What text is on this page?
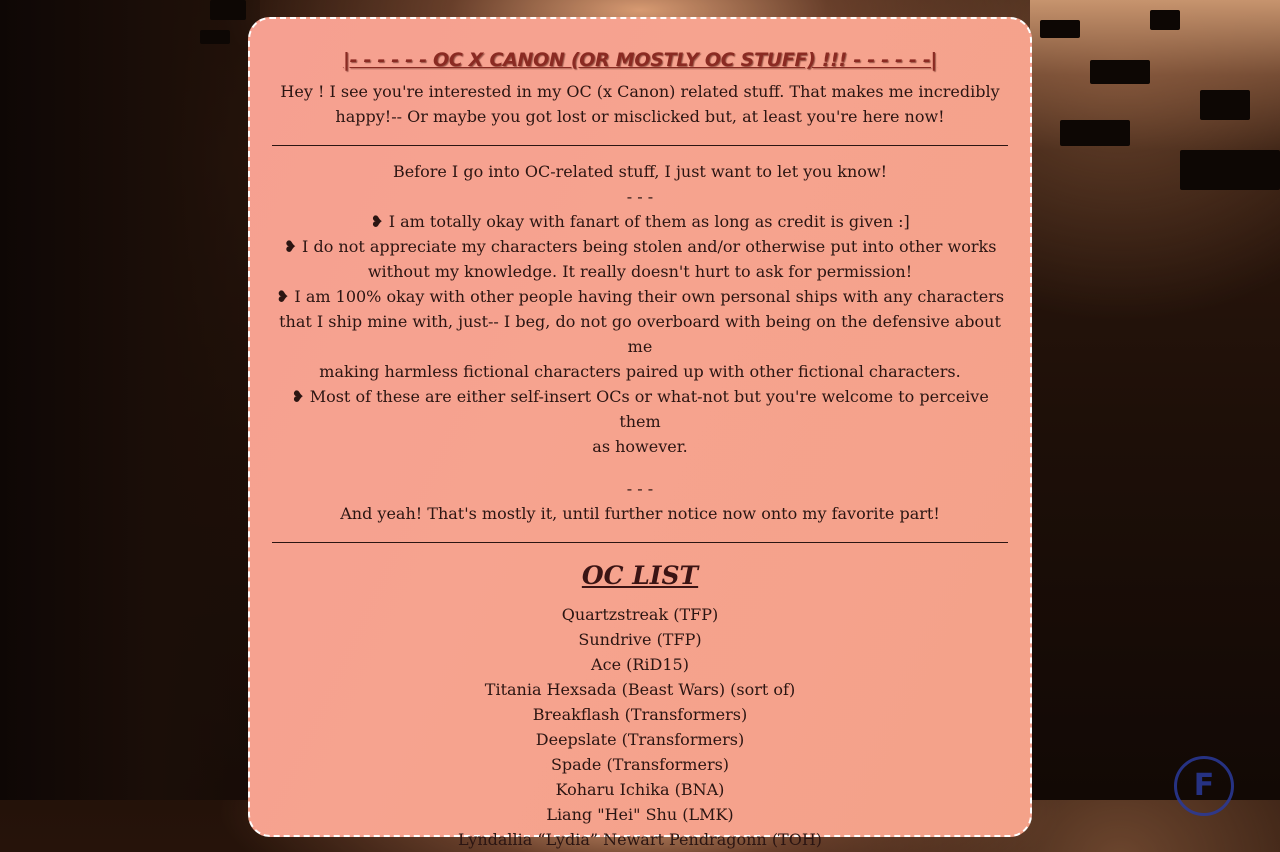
|- - - - - - OC X CANON (OR MOSTLY OC STUFF) !!! - - - - - -|

Hey ! I see you're interested in my OC (x Canon) related stuff. That makes me incredibly
happy!-- Or maybe you got lost or misclicked but, at least you're here now!

Before I go into OC-related stuff, I just want to let you know!
- - -
❥ I am totally okay with fanart of them as long as credit is given :]
❥ I do not appreciate my characters being stolen and/or otherwise put into other works
without my knowledge. It really doesn't hurt to ask for permission!
❥ I am 100% okay with other people having their own personal ships with any characters
that I ship mine with, just-- I beg, do not go overboard with being on the defensive about me
making harmless fictional characters paired up with other fictional characters.
❥ Most of these are either self-insert OCs or what-not but you're welcome to perceive them
as however.
- - -
And yeah! That's mostly it, until further notice now onto my favorite part!
OC LIST
Quartzstreak (TFP)
Sundrive (TFP)
Ace (RiD15)
Titania Hexsada (Beast Wars) (sort of)
Breakflash (Transformers)
Deepslate (Transformers)
Spade (Transformers)
Koharu Ichika (BNA)
Liang "Hei" Shu (LMK)
Lyndallia “Lydia” Newart Pendragonn (TOH)
F
